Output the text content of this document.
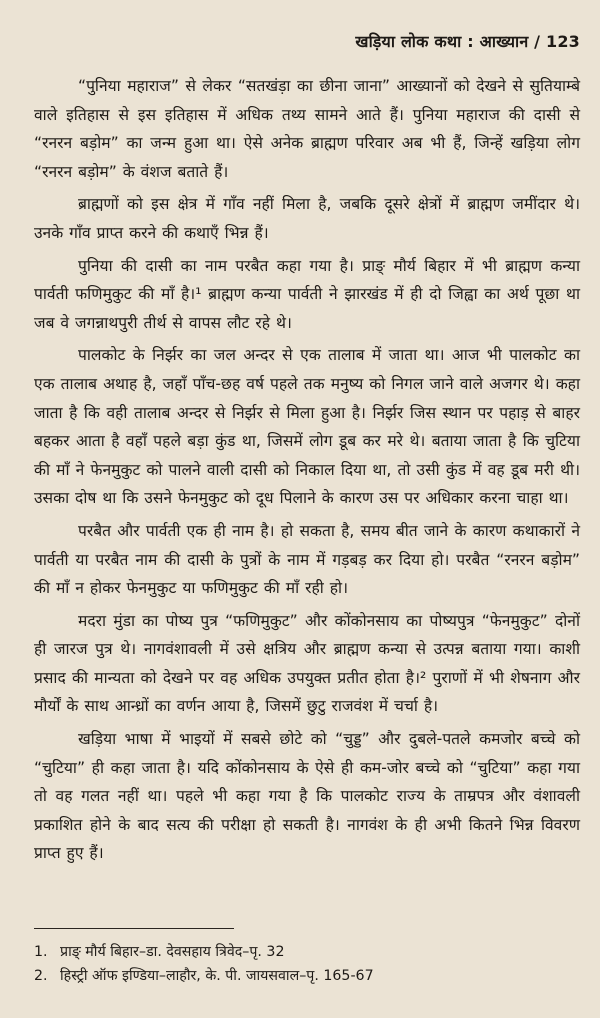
खड़िया लोक कथा : आख्यान / 123

“पुनिया महाराज” से लेकर “सतखंड़ा का छीना जाना” आख्यानों को देखने से सुतियाम्बे वाले इतिहास से इस इतिहास में अधिक तथ्य सामने आते हैं। पुनिया महाराज की दासी से “रनरन बड़ोम” का जन्म हुआ था। ऐसे अनेक ब्राह्मण परिवार अब भी हैं, जिन्हें खड़िया लोग “रनरन बड़ोम” के वंशज बताते हैं।

ब्राह्मणों को इस क्षेत्र में गाँव नहीं मिला है, जबकि दूसरे क्षेत्रों में ब्राह्मण जमींदार थे। उनके गाँव प्राप्त करने की कथाएँ भिन्न हैं।

पुनिया की दासी का नाम परबैत कहा गया है। प्राङ् मौर्य बिहार में भी ब्राह्मण कन्या पार्वती फणिमुकुट की माँ है।¹ ब्राह्मण कन्या पार्वती ने झारखंड में ही दो जिह्वा का अर्थ पूछा था जब वे जगन्नाथपुरी तीर्थ से वापस लौट रहे थे।

पालकोट के निर्झर का जल अन्दर से एक तालाब में जाता था। आज भी पालकोट का एक तालाब अथाह है, जहाँ पाँच-छह वर्ष पहले तक मनुष्य को निगल जाने वाले अजगर थे। कहा जाता है कि वही तालाब अन्दर से निर्झर से मिला हुआ है। निर्झर जिस स्थान पर पहाड़ से बाहर बहकर आता है वहाँ पहले बड़ा कुंड था, जिसमें लोग डूब कर मरे थे। बताया जाता है कि चुटिया की माँ ने फेनमुकुट को पालने वाली दासी को निकाल दिया था, तो उसी कुंड में वह डूब मरी थी। उसका दोष था कि उसने फेनमुकुट को दूध पिलाने के कारण उस पर अधिकार करना चाहा था।

परबैत और पार्वती एक ही नाम है। हो सकता है, समय बीत जाने के कारण कथाकारों ने पार्वती या परबैत नाम की दासी के पुत्रों के नाम में गड़बड़ कर दिया हो। परबैत “रनरन बड़ोम” की माँ न होकर फेनमुकुट या फणिमुकुट की माँ रही हो।

मदरा मुंडा का पोष्य पुत्र “फणिमुकुट” और कोंकोनसाय का पोष्यपुत्र “फेनमुकुट” दोनों ही जारज पुत्र थे। नागवंशावली में उसे क्षत्रिय और ब्राह्मण कन्या से उत्पन्न बताया गया। काशी प्रसाद की मान्यता को देखने पर वह अधिक उपयुक्त प्रतीत होता है।² पुराणों में भी शेषनाग और मौर्यों के साथ आन्ध्रों का वर्णन आया है, जिसमें छुटु राजवंश में चर्चा है।

खड़िया भाषा में भाइयों में सबसे छोटे को “चुड्ड” और दुबले-पतले कमजोर बच्चे को “चुटिया” ही कहा जाता है। यदि कोंकोनसाय के ऐसे ही कम-जोर बच्चे को “चुटिया” कहा गया तो वह गलत नहीं था। पहले भी कहा गया है कि पालकोट राज्य के ताम्रपत्र और वंशावली प्रकाशित होने के बाद सत्य की परीक्षा हो सकती है। नागवंश के ही अभी कितने भिन्न विवरण प्राप्त हुए हैं।

1. प्राङ् मौर्य बिहार–डा. देवसहाय त्रिवेद–पृ. 32
2. हिस्ट्री ऑफ इण्डिया–लाहौर, के. पी. जायसवाल–पृ. 165-67
